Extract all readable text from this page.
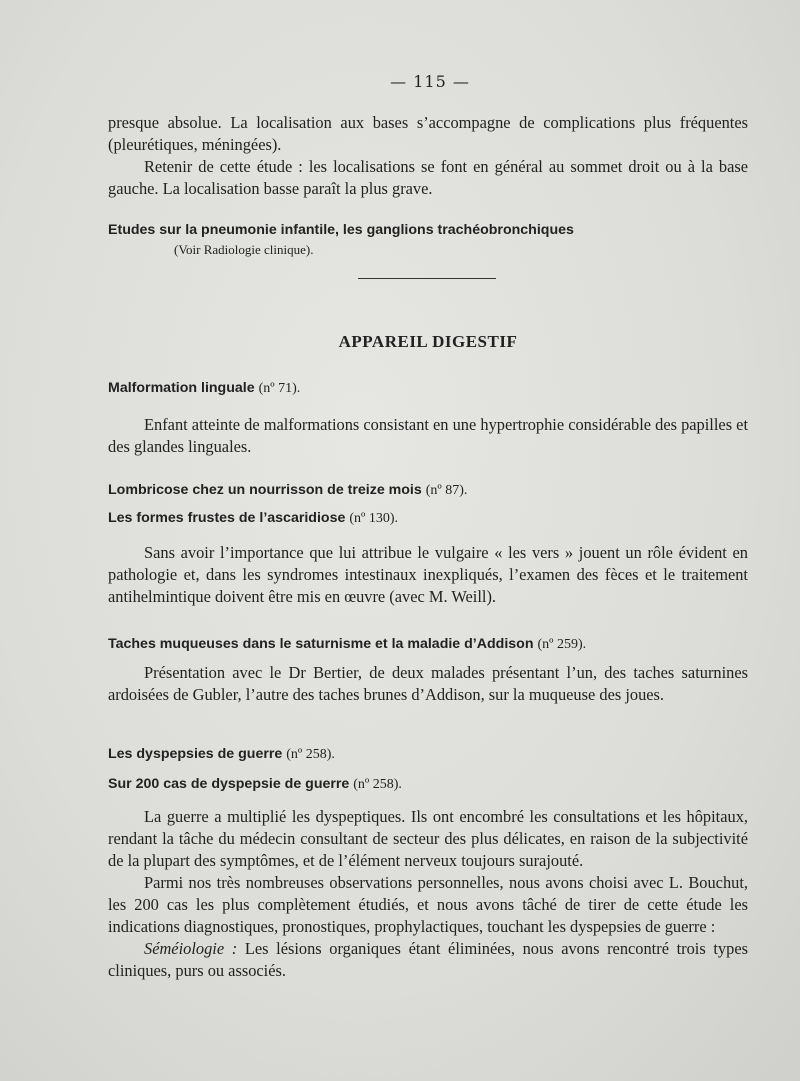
— 115 —

presque absolue. La localisation aux bases s’accompagne de complications plus fréquentes (pleurétiques, méningées).

Retenir de cette étude : les localisations se font en général au sommet droit ou à la base gauche. La localisation basse paraît la plus grave.

Etudes sur la pneumonie infantile, les ganglions trachéobronchiques
(Voir Radiologie clinique).
APPAREIL DIGESTIF
Malformation linguale (nº 71).

Enfant atteinte de malformations consistant en une hypertrophie considérable des papilles et des glandes linguales.

Lombricose chez un nourrisson de treize mois (nº 87).
Les formes frustes de l’ascaridiose (nº 130).

Sans avoir l’importance que lui attribue le vulgaire « les vers » jouent un rôle évident en pathologie et, dans les syndromes intestinaux inexpliqués, l’examen des fèces et le traitement antihelmintique doivent être mis en œuvre (avec M. Weill).

Taches muqueuses dans le saturnisme et la maladie d’Addison (nº 259).

Présentation avec le Dr Bertier, de deux malades présentant l’un, des taches saturnines ardoisées de Gubler, l’autre des taches brunes d’Addison, sur la muqueuse des joues.

Les dyspepsies de guerre (nº 258).
Sur 200 cas de dyspepsie de guerre (nº 258).

La guerre a multiplié les dyspeptiques. Ils ont encombré les consultations et les hôpitaux, rendant la tâche du médecin consultant de secteur des plus délicates, en raison de la subjectivité de la plupart des symptômes, et de l’élément nerveux toujours surajouté.

Parmi nos très nombreuses observations personnelles, nous avons choisi avec L. Bouchut, les 200 cas les plus complètement étudiés, et nous avons tâché de tirer de cette étude les indications diagnostiques, pronostiques, prophylactiques, touchant les dyspepsies de guerre :

Séméiologie : Les lésions organiques étant éliminées, nous avons rencontré trois types cliniques, purs ou associés.
